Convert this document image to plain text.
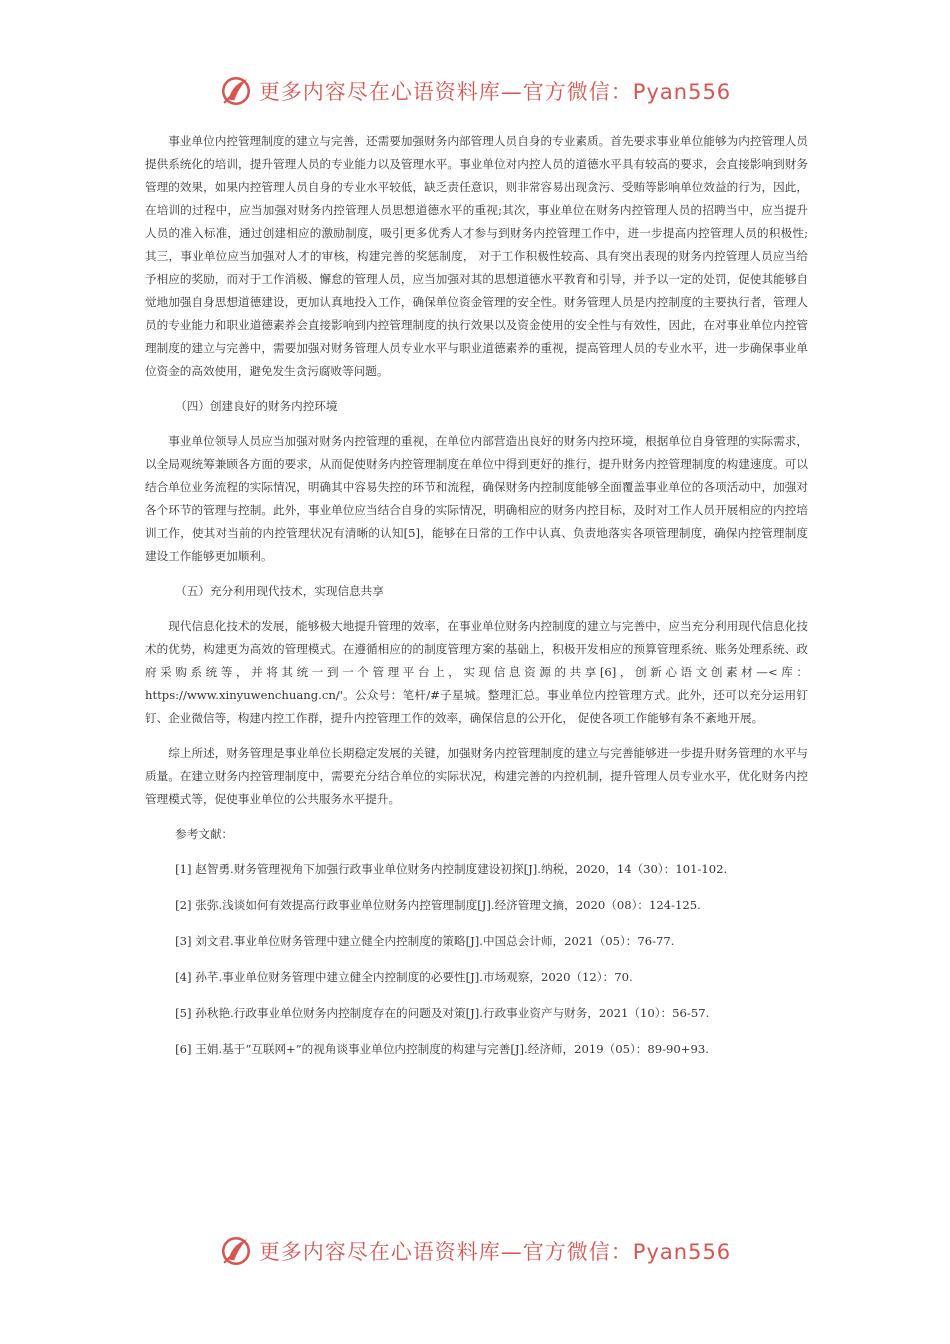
更多内容尽在心语资料库—官方微信：Pyan556

事业单位内控管理制度的建立与完善，还需要加强财务内部管理人员自身的专业素质。首先要求事业单位能够为内控管理人员提供系统化的培训，提升管理人员的专业能力以及管理水平。事业单位对内控人员的道德水平具有较高的要求，会直接影响到财务管理的效果，如果内控管理人员自身的专业水平较低，缺乏责任意识，则非常容易出现贪污、受贿等影响单位效益的行为，因此，在培训的过程中，应当加强对财务内控管理人员思想道德水平的重视;其次，事业单位在财务内控管理人员的招聘当中，应当提升人员的准入标准，通过创建相应的激励制度，吸引更多优秀人才参与到财务内控管理工作中，进一步提高内控管理人员的积极性;其三，事业单位应当加强对人才的审核，构建完善的奖惩制度， 对于工作积极性较高、具有突出表现的财务内控管理人员应当给予相应的奖励，而对于工作消极、懈怠的管理人员，应当加强对其的思想道德水平教育和引导，并予以一定的处罚，促使其能够自觉地加强自身思想道德建设，更加认真地投入工作，确保单位资金管理的安全性。财务管理人员是内控制度的主要执行者，管理人员的专业能力和职业道德素养会直接影响到内控管理制度的执行效果以及资金使用的安全性与有效性，因此，在对事业单位内控管理制度的建立与完善中，需要加强对财务管理人员专业水平与职业道德素养的重视，提高管理人员的专业水平，进一步确保事业单位资金的高效使用，避免发生贪污腐败等问题。

（四）创建良好的财务内控环境

事业单位领导人员应当加强对财务内控管理的重视，在单位内部营造出良好的财务内控环境，根据单位自身管理的实际需求，以全局观统筹兼顾各方面的要求，从而促使财务内控管理制度在单位中得到更好的推行，提升财务内控管理制度的构建速度。可以结合单位业务流程的实际情况，明确其中容易失控的环节和流程，确保财务内控制度能够全面覆盖事业单位的各项活动中，加强对各个环节的管理与控制。此外，事业单位应当结合自身的实际情况，明确相应的财务内控目标，及时对工作人员开展相应的内控培训工作，使其对当前的内控管理状况有清晰的认知[5]，能够在日常的工作中认真、负责地落实各项管理制度，确保内控管理制度建设工作能够更加顺利。

（五）充分利用现代技术，实现信息共享

现代信息化技术的发展，能够极大地提升管理的效率，在事业单位财务内控制度的建立与完善中，应当充分利用现代信息化技术的优势，构建更为高效的管理模式。在遵循相应的的制度管理方案的基础上，积极开发相应的预算管理系统、账务处理系统、政府采购系统等，并将其统一到一个管理平台上，实现信息资源的共享[6]，创新心语文创素材—<库：https://www.xinyuwenchuang.cn/'。公众号：笔杆/#子星城。整理汇总。事业单位内控管理方式。此外，还可以充分运用钉钉、企业微信等，构建内控工作群，提升内控管理工作的效率，确保信息的公开化， 促使各项工作能够有条不紊地开展。

综上所述，财务管理是事业单位长期稳定发展的关键，加强财务内控管理制度的建立与完善能够进一步提升财务管理的水平与质量。在建立财务内控管理制度中，需要充分结合单位的实际状况，构建完善的内控机制，提升管理人员专业水平，优化财务内控管理模式等，促使事业单位的公共服务水平提升。

参考文献：

[1] 赵智勇.财务管理视角下加强行政事业单位财务内控制度建设初探[J].纳税，2020，14（30）：101-102.

[2] 张弥.浅谈如何有效提高行政事业单位财务内控管理制度[J].经济管理文摘，2020（08）：124-125.

[3] 刘文君.事业单位财务管理中建立健全内控制度的策略[J].中国总会计师，2021（05）：76-77.

[4] 孙芊.事业单位财务管理中建立健全内控制度的必要性[J].市场观察，2020（12）：70.

[5] 孙秋艳.行政事业单位财务内控制度存在的问题及对策[J].行政事业资产与财务，2021（10）：56-57.

[6] 王娟.基于“互联网+”的视角谈事业单位内控制度的构建与完善[J].经济师，2019（05）：89-90+93.

更多内容尽在心语资料库—官方微信：Pyan556
